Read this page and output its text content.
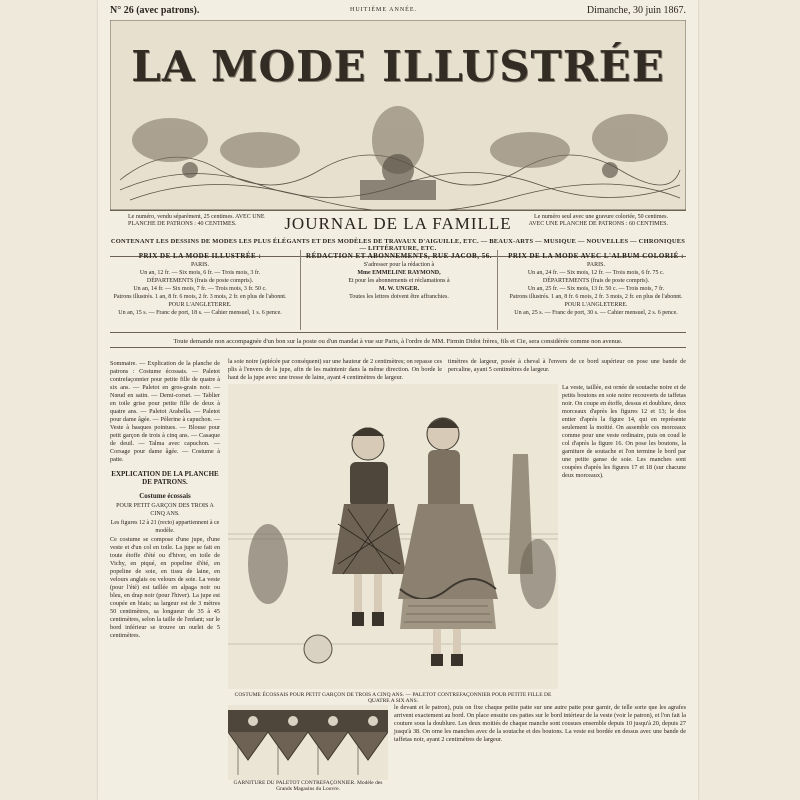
N° 26 (avec patrons).	HUITIÈME ANNÉE.	Dimanche, 30 juin 1867.
LA MODE ILLUSTRÉE
Le numéro, vendu séparément, 25 centimes. AVEC UNE PLANCHE DE PATRONS : 40 CENTIMES.	JOURNAL DE LA FAMILLE	Le numéro seul avec une gravure coloriée, 50 centimes. AVEC UNE PLANCHE DE PATRONS : 60 CENTIMES.
CONTENANT LES DESSINS DE MODES LES PLUS ÉLÉGANTS ET DES MODÈLES DE TRAVAUX D'AIGUILLE, ETC. — BEAUX-ARTS — MUSIQUE — NOUVELLES — CHRONIQUES — LITTÉRATURE, ETC.
PRIX DE LA MODE ILLUSTRÉE :
PARIS.
Un an, 12 fr. — Six mois, 6 fr. — Trois mois, 3 fr.
DÉPARTEMENTS (frais de poste compris).
Un an, 14 fr. — Six mois, 7 fr. — Trois mois, 3 fr. 50 c.
Patrons illustrés. 1 an, 8 fr. 6 mois, 2 fr. 3 mois, 2 fr. en plus de l'abonnt.
POUR L'ANGLETERRE.
Un an, 15 s. — Franc de port, 18 s. — Cahier mensuel, 1 s. 6 pence.
RÉDACTION ET ABONNEMENTS, RUE JACOB, 56.
S'adresser pour la rédaction à
Mme EMMELINE RAYMOND,
Et pour les abonnements et réclamations à
M. W. UNGER.
Toutes les lettres doivent être affranchies.
PRIX DE LA MODE AVEC L'ALBUM COLORIÉ :
PARIS.
Un an, 24 fr. — Six mois, 12 fr. — Trois mois, 6 fr. 75 c.
DÉPARTEMENTS (frais de poste compris).
Un an, 25 fr. — Six mois, 13 fr. 50 c. — Trois mois, 7 fr.
Patrons illustrés. 1 an, 8 fr. 6 mois, 2 fr. 3 mois, 2 fr. en plus de l'abonnt.
POUR L'ANGLETERRE.
Un an, 25 s. — Franc de port, 30 s. — Cahier mensuel, 2 s. 6 pence.
Toute demande non accompagnée d'un bon sur la poste ou d'un mandat à vue sur Paris, à l'ordre de MM. Firmin Didot frères, fils et Cie, sera considérée comme non avenue.
Sommaire. — Explication de la planche de patrons : Costume écossais. — Paletot contrefaçonnier pour petite fille de quatre à six ans. — Paletot en gros-grain noir. — Nœud en satin. — Demi-corset. — Tablier en toile grise pour petite fille de deux à quatre ans. — Paletot Arabella. — Paletot pour dame âgée. — Pèlerine à capuchon. — Veste à basques pointues. — Blouse pour petit garçon de trois à cinq ans. — Casaque de deuil. — Talma avec capuchon. — Corsage pour dame âgée. — Costume à patte.
EXPLICATION DE LA PLANCHE DE PATRONS.
Costume écossais
POUR PETIT GARÇON DES TROIS A CINQ ANS.
Les figures 12 à 21 (recto) appartiennent à ce modèle.
Ce costume se compose d'une jupe, d'une veste et d'un col en toile. La jupe se fait en toute étoffe d'été ou d'hiver, en toile de Vichy, en piqué, en popeline d'été, en popeline de soie, en tissu de laine, en velours anglais ou velours de soie. La veste (pour l'été) est taillée en alpaga noir ou bleu, en drap noir (pour l'hiver). La jupe est coupée en biais; sa largeur est de 3 mètres 50 centimètres, sa longueur de 35 à 45 centimètres, selon la taille de l'enfant; sur le bord inférieur se trouve un ourlet de 5 centimètres.
la soie noire (apiécée par conséquent) sur une hauteur de 2 centimètres; on repasse ces plis à l'envers de la jupe, afin de les maintenir dans la même direction. On borde le haut de la jupe avec une tresse de laine, ayant 4 centimètres de largeur.
timètres de largeur, posée à cheval à l'envers de ce bord supérieur on pose une bande de percaline, ayant 5 centimètres de largeur.
COSTUME ÉCOSSAIS POUR PETIT GARÇON DE TROIS A CINQ ANS. — PALETOT CONTREFAÇONNIER POUR PETITE FILLE DE QUATRE A SIX ANS.
La veste, taillée, est ornée de soutache noire et de petits boutons en soie noire recouverts de taffetas noir. On coupe en étoffe, dessus et doublure, deux morceaux d'après les figures 12 et 13; le dos entier d'après la figure 14, qui en représente seulement la moitié. On assemble ces morceaux comme pour une veste ordinaire, puis on coud le col d'après la figure 16. On pose les boutons, la garniture de soutache et l'on termine le bord par une petite ganse de soie. Les manches sont coupées d'après les figures 17 et 18 (sur chacune deux morceaux).
GARNITURE DU PALETOT CONTREFAÇONNIER. Modèle des Grands Magasins du Louvre.
le devant et le patron), puis on fixe chaque petite patte sur une autre patte pour garnir, de telle sorte que les agrafes arrivent exactement au bord. On place ensuite ces pattes sur le bord intérieur de la veste (voir le patron), et l'on fait la couture sous la doublure. Les deux moitiés de chaque manche sont cousues ensemble depuis 10 jusqu'à 20, depuis 27 jusqu'à 38. On orne les manches avec de la soutache et des boutons. La veste est bordée en dessus avec une bande de taffetas noir, ayant 2 centimètres de largeur.
